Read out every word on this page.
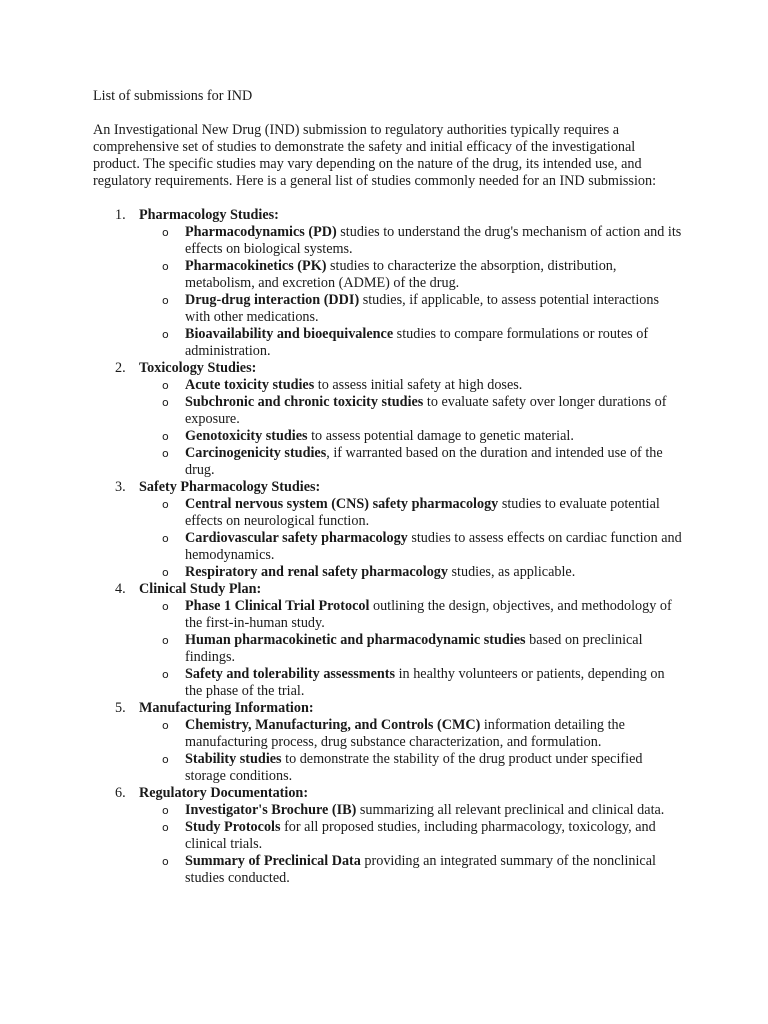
List of submissions for IND

An Investigational New Drug (IND) submission to regulatory authorities typically requires a comprehensive set of studies to demonstrate the safety and initial efficacy of the investigational product. The specific studies may vary depending on the nature of the drug, its intended use, and regulatory requirements. Here is a general list of studies commonly needed for an IND submission:

1. Pharmacology Studies:
o Pharmacodynamics (PD) studies to understand the drug's mechanism of action and its effects on biological systems.
o Pharmacokinetics (PK) studies to characterize the absorption, distribution, metabolism, and excretion (ADME) of the drug.
o Drug-drug interaction (DDI) studies, if applicable, to assess potential interactions with other medications.
o Bioavailability and bioequivalence studies to compare formulations or routes of administration.
2. Toxicology Studies:
o Acute toxicity studies to assess initial safety at high doses.
o Subchronic and chronic toxicity studies to evaluate safety over longer durations of exposure.
o Genotoxicity studies to assess potential damage to genetic material.
o Carcinogenicity studies, if warranted based on the duration and intended use of the drug.
3. Safety Pharmacology Studies:
o Central nervous system (CNS) safety pharmacology studies to evaluate potential effects on neurological function.
o Cardiovascular safety pharmacology studies to assess effects on cardiac function and hemodynamics.
o Respiratory and renal safety pharmacology studies, as applicable.
4. Clinical Study Plan:
o Phase 1 Clinical Trial Protocol outlining the design, objectives, and methodology of the first-in-human study.
o Human pharmacokinetic and pharmacodynamic studies based on preclinical findings.
o Safety and tolerability assessments in healthy volunteers or patients, depending on the phase of the trial.
5. Manufacturing Information:
o Chemistry, Manufacturing, and Controls (CMC) information detailing the manufacturing process, drug substance characterization, and formulation.
o Stability studies to demonstrate the stability of the drug product under specified storage conditions.
6. Regulatory Documentation:
o Investigator's Brochure (IB) summarizing all relevant preclinical and clinical data.
o Study Protocols for all proposed studies, including pharmacology, toxicology, and clinical trials.
o Summary of Preclinical Data providing an integrated summary of the nonclinical studies conducted.
